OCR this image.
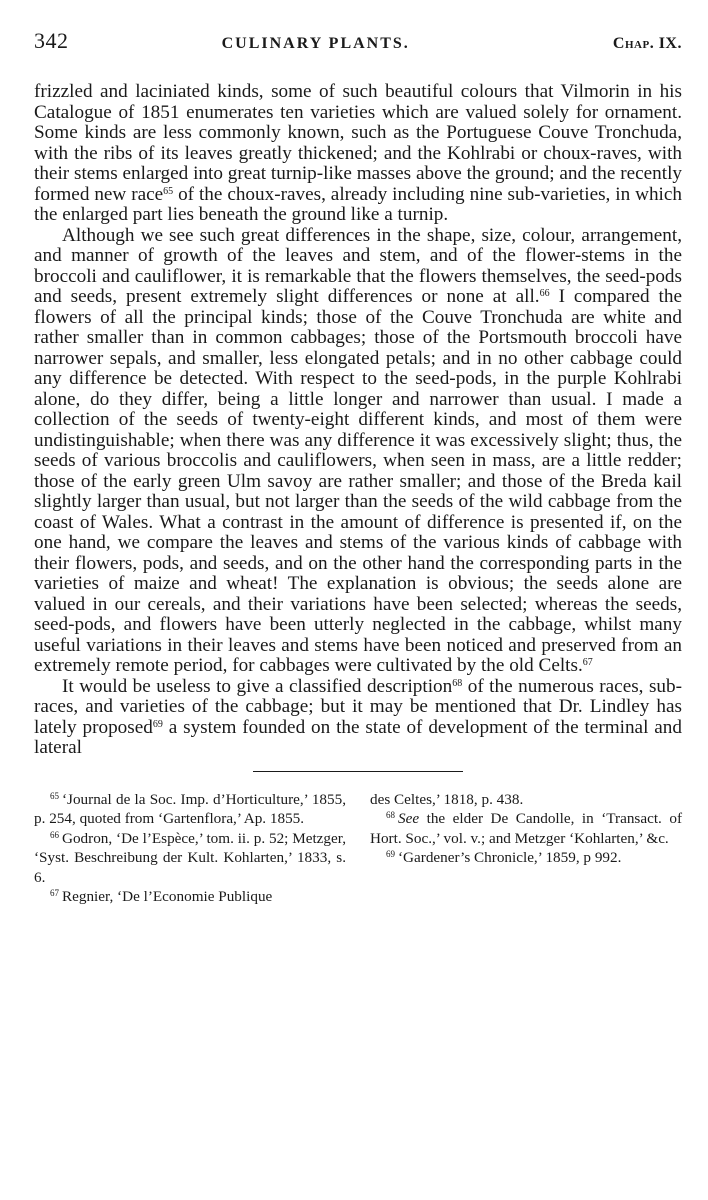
342	CULINARY PLANTS.	Chap. IX.

frizzled and laciniated kinds, some of such beautiful colours that Vilmorin in his Catalogue of 1851 enumerates ten varieties which are valued solely for ornament. Some kinds are less commonly known, such as the Portuguese Couve Tronchuda, with the ribs of its leaves greatly thickened; and the Kohlrabi or choux-raves, with their stems enlarged into great turnip-like masses above the ground; and the recently formed new race$^{65}$ of the choux-raves, already including nine sub-varieties, in which the enlarged part lies beneath the ground like a turnip.

Although we see such great differences in the shape, size, colour, arrangement, and manner of growth of the leaves and stem, and of the flower-stems in the broccoli and cauliflower, it is remarkable that the flowers themselves, the seed-pods and seeds, present extremely slight differences or none at all.$^{66}$ I compared the flowers of all the principal kinds; those of the Couve Tronchuda are white and rather smaller than in common cabbages; those of the Portsmouth broccoli have narrower sepals, and smaller, less elongated petals; and in no other cabbage could any difference be detected. With respect to the seed-pods, in the purple Kohlrabi alone, do they differ, being a little longer and narrower than usual. I made a collection of the seeds of twenty-eight different kinds, and most of them were undistinguishable; when there was any difference it was excessively slight; thus, the seeds of various broccolis and cauliflowers, when seen in mass, are a little redder; those of the early green Ulm savoy are rather smaller; and those of the Breda kail slightly larger than usual, but not larger than the seeds of the wild cabbage from the coast of Wales. What a contrast in the amount of difference is presented if, on the one hand, we compare the leaves and stems of the various kinds of cabbage with their flowers, pods, and seeds, and on the other hand the corresponding parts in the varieties of maize and wheat! The explanation is obvious; the seeds alone are valued in our cereals, and their variations have been selected; whereas the seeds, seed-pods, and flowers have been utterly neglected in the cabbage, whilst many useful variations in their leaves and stems have been noticed and preserved from an extremely remote period, for cabbages were cultivated by the old Celts.$^{67}$

It would be useless to give a classified description$^{68}$ of the numerous races, sub-races, and varieties of the cabbage; but it may be mentioned that Dr. Lindley has lately proposed$^{69}$ a system founded on the state of development of the terminal and lateral

$^{65}$ ‘Journal de la Soc. Imp. d’Horticulture,’ 1855, p. 254, quoted from ‘Gartenflora,’ Ap. 1855.

$^{66}$ Godron, ‘De l’Espèce,’ tom. ii. p. 52; Metzger, ‘Syst. Beschreibung der Kult. Kohlarten,’ 1833, s. 6.

$^{67}$ Regnier, ‘De l’Economie Publique

des Celtes,’ 1818, p. 438.

$^{68}$ See the elder De Candolle, in ‘Transact. of Hort. Soc.,’ vol. v.; and Metzger ‘Kohlarten,’ &c.

$^{69}$ ‘Gardener’s Chronicle,’ 1859, p 992.
